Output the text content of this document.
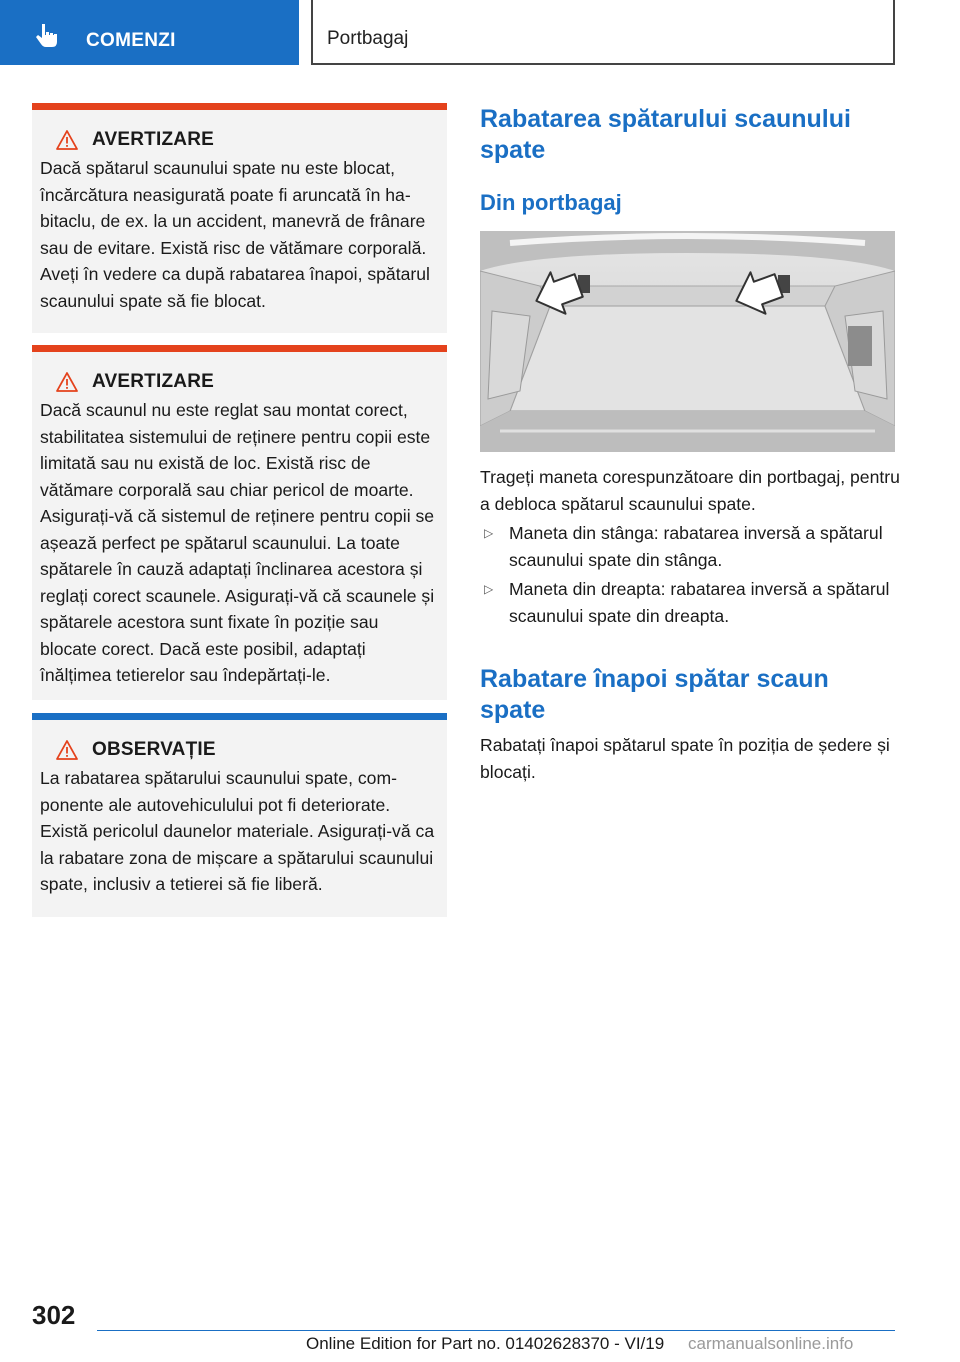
COMENZI	Portbagaj
AVERTIZARE
Dacă spătarul scaunului spate nu este blocat, încărcătura neasigurată poate fi aruncată în habitaclu, de ex. la un accident, manevră de frânare sau de evitare. Există risc de vătămare corporală. Aveți în vedere ca după rabatarea înapoi, spătarul scaunului spate să fie blocat.
AVERTIZARE
Dacă scaunul nu este reglat sau montat corect, stabilitatea sistemului de reținere pentru copii este limitată sau nu există de loc. Există risc de vătămare corporală sau chiar pericol de moarte. Asigurați-vă că sistemul de reținere pentru copii se așează perfect pe spătarul scaunului. La toate spătarele în cauză adaptați înclinarea acestora și reglați corect scaunele. Asigurați-vă că scaunele și spătarele acestora sunt fixate în poziție sau blocate corect. Dacă este posibil, adaptați înălțimea tetierelor sau îndepărtați-le.
OBSERVAȚIE
La rabatarea spătarului scaunului spate, componente ale autovehiculului pot fi deteriorate. Există pericolul daunelor materiale. Asigurați-vă ca la rabatare zona de mișcare a spătarului scaunului spate, inclusiv a tetierei să fie liberă.
Rabatarea spătarului scaunului spate
Din portbagaj
Trageți maneta corespunzătoare din portbagaj, pentru a debloca spătarul scaunului spate.
▷ Maneta din stânga: rabatarea inversă a spătarul scaunului spate din stânga.
▷ Maneta din dreapta: rabatarea inversă a spătarul scaunului spate din dreapta.
Rabatare înapoi spătar scaun spate
Rabatați înapoi spătarul spate în poziția de ședere și blocați.
302
Online Edition for Part no. 01402628370 - VI/19 carmanualsonline.info
